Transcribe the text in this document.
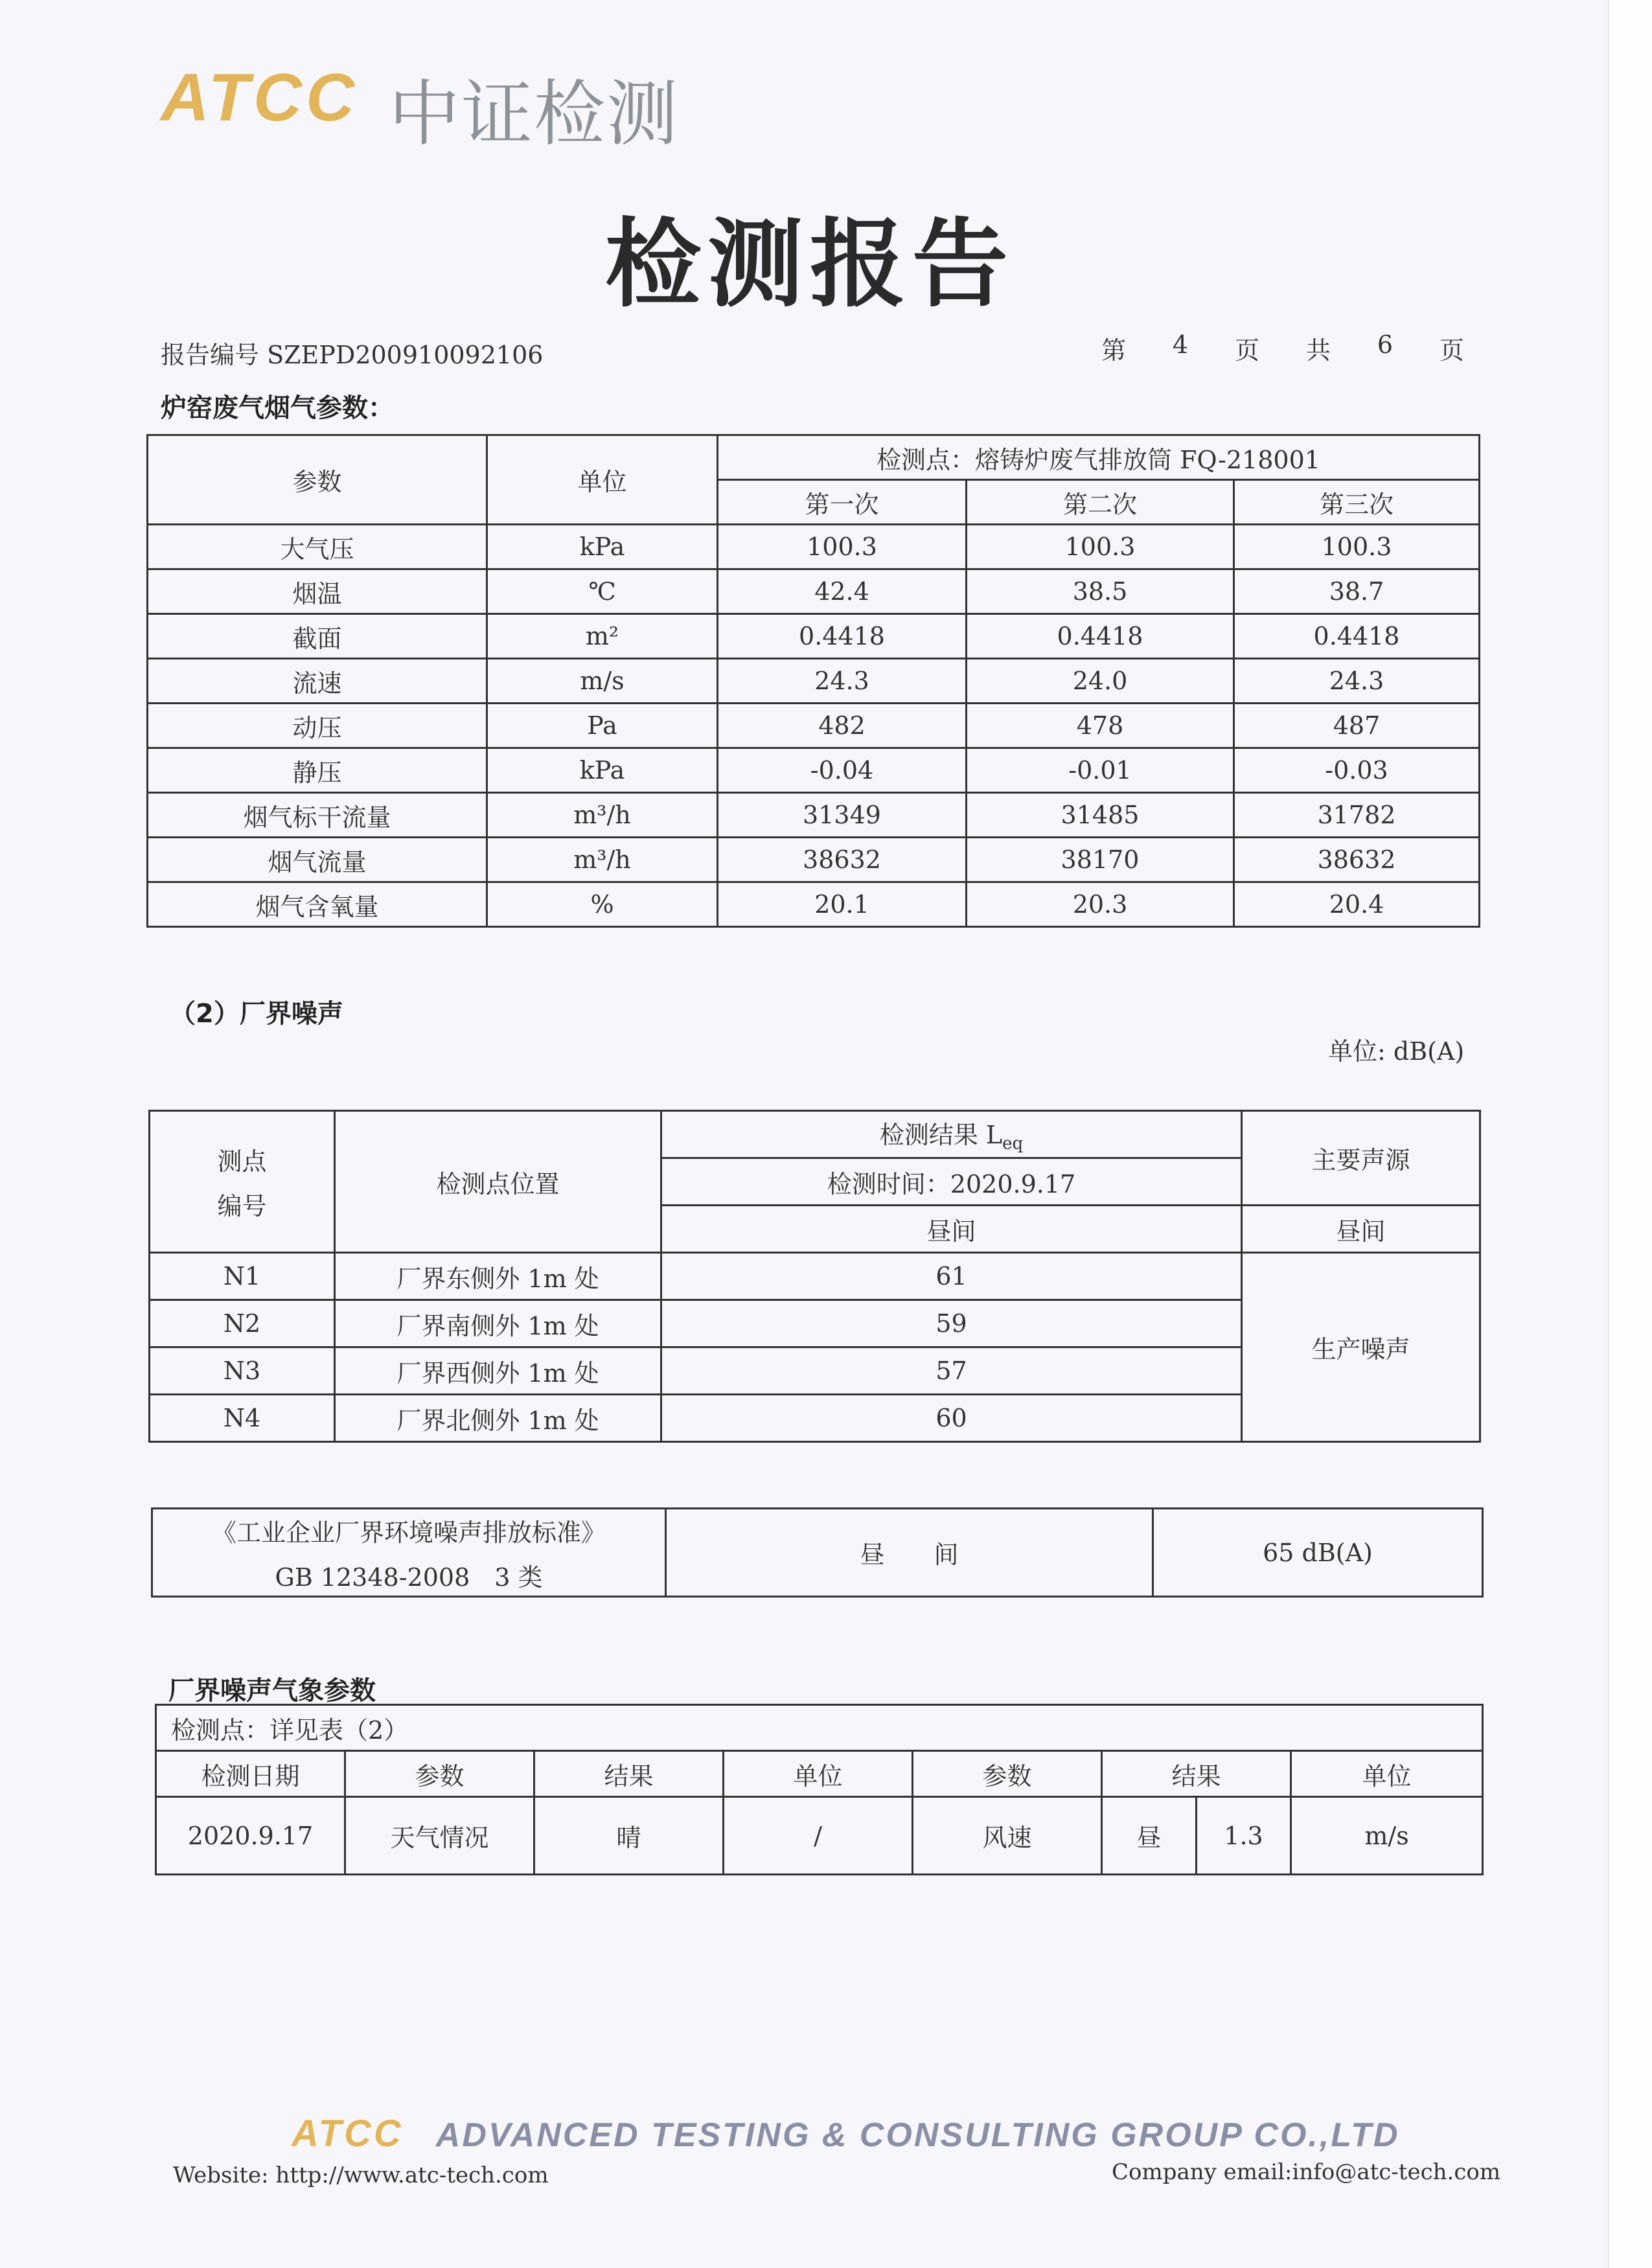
ATCC 中证检测
检测报告
报告编号 SZEPD200910092106	第 4 页 共 6 页
炉窑废气烟气参数：
参数	单位	检测点：熔铸炉废气排放筒 FQ-218001		
		第一次	第二次	第三次
大气压	kPa	100.3	100.3	100.3
烟温	℃	42.4	38.5	38.7
截面	m²	0.4418	0.4418	0.4418
流速	m/s	24.3	24.0	24.3
动压	Pa	482	478	487
静压	kPa	-0.04	-0.01	-0.03
烟气标干流量	m³/h	31349	31485	31782
烟气流量	m³/h	38632	38170	38632
烟气含氧量	%	20.1	20.3	20.4
（2）厂界噪声
单位: dB(A)
测点
编号	检测点位置	检测结果 $L_{eq}$	主要声源
		检测时间：2020.9.17	
		昼间	昼间
N1	厂界东侧外 1m 处	61	生产噪声
N2	厂界南侧外 1m 处	59	
N3	厂界西侧外 1m 处	57	
N4	厂界北侧外 1m 处	60	
《工业企业厂界环境噪声排放标准》
GB 12348-2008　3 类
	昼　　间	65 dB(A)
厂界噪声气象参数
检测点：详见表（2）							
检测日期	参数	结果	单位	参数	结果		单位
2020.9.17	天气情况	晴	/	风速	昼	1.3	m/s
ATCC ADVANCED TESTING & CONSULTING GROUP CO.,LTD
Website: http://www.atc-tech.com	Company email:info@atc-tech.com
